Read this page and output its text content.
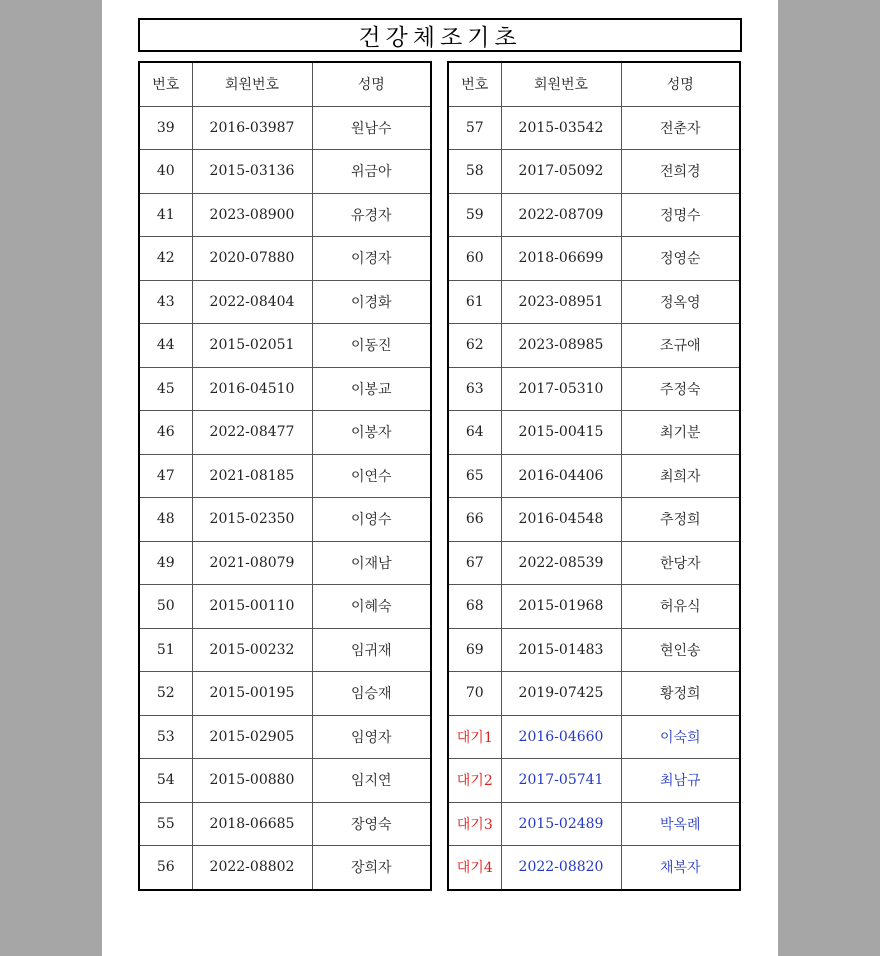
건강체조기초
번호	회원번호	성명
39	2016-03987	원남수
40	2015-03136	위금아
41	2023-08900	유경자
42	2020-07880	이경자
43	2022-08404	이경화
44	2015-02051	이동진
45	2016-04510	이봉교
46	2022-08477	이봉자
47	2021-08185	이연수
48	2015-02350	이영수
49	2021-08079	이재남
50	2015-00110	이혜숙
51	2015-00232	임귀재
52	2015-00195	임승재
53	2015-02905	임영자
54	2015-00880	임지연
55	2018-06685	장영숙
56	2022-08802	장희자
번호	회원번호	성명
57	2015-03542	전춘자
58	2017-05092	전희경
59	2022-08709	정명수
60	2018-06699	정영순
61	2023-08951	정옥영
62	2023-08985	조규애
63	2017-05310	주정숙
64	2015-00415	최기분
65	2016-04406	최희자
66	2016-04548	추정희
67	2022-08539	한당자
68	2015-01968	허유식
69	2015-01483	현인송
70	2019-07425	황정희
대기1	2016-04660	이숙희
대기2	2017-05741	최남규
대기3	2015-02489	박옥례
대기4	2022-08820	채복자
